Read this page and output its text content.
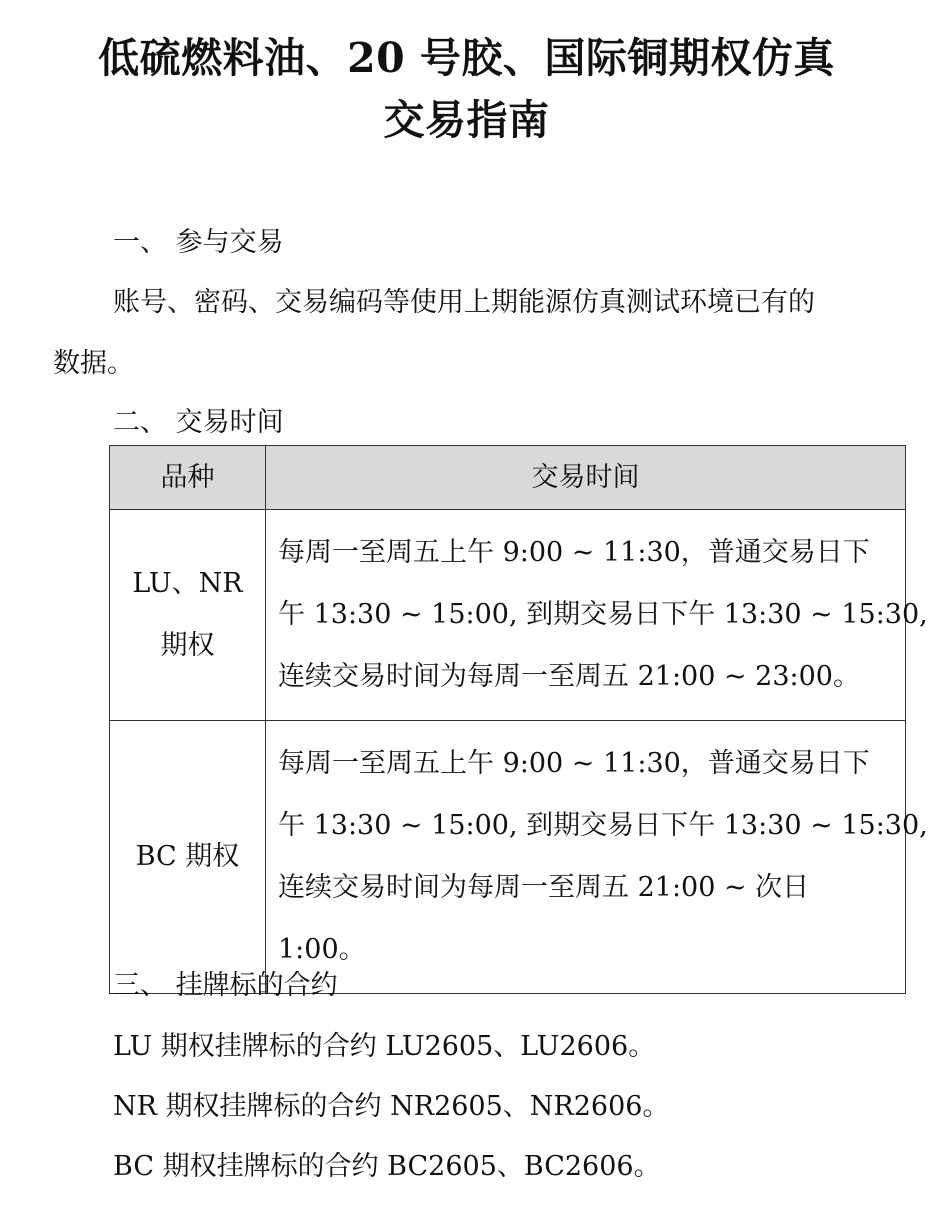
低硫燃料油、20 号胶、国际铜期权仿真
交易指南
一、 参与交易
账号、密码、交易编码等使用上期能源仿真测试环境已有的
数据。
二、 交易时间
品种	交易时间

LU、NR
期权	每周一至周五上午 9:00 ~ 11:30，普通交易日下
午 13:30 ~ 15:00, 到期交易日下午 13:30 ~ 15:30,
连续交易时间为每周一至周五 21:00 ~ 23:00。

BC 期权	每周一至周五上午 9:00 ~ 11:30，普通交易日下
午 13:30 ~ 15:00, 到期交易日下午 13:30 ~ 15:30,
连续交易时间为每周一至周五 21:00 ~ 次日
1:00。
三、 挂牌标的合约
LU 期权挂牌标的合约 LU2605、LU2606。
NR 期权挂牌标的合约 NR2605、NR2606。
BC 期权挂牌标的合约 BC2605、BC2606。
